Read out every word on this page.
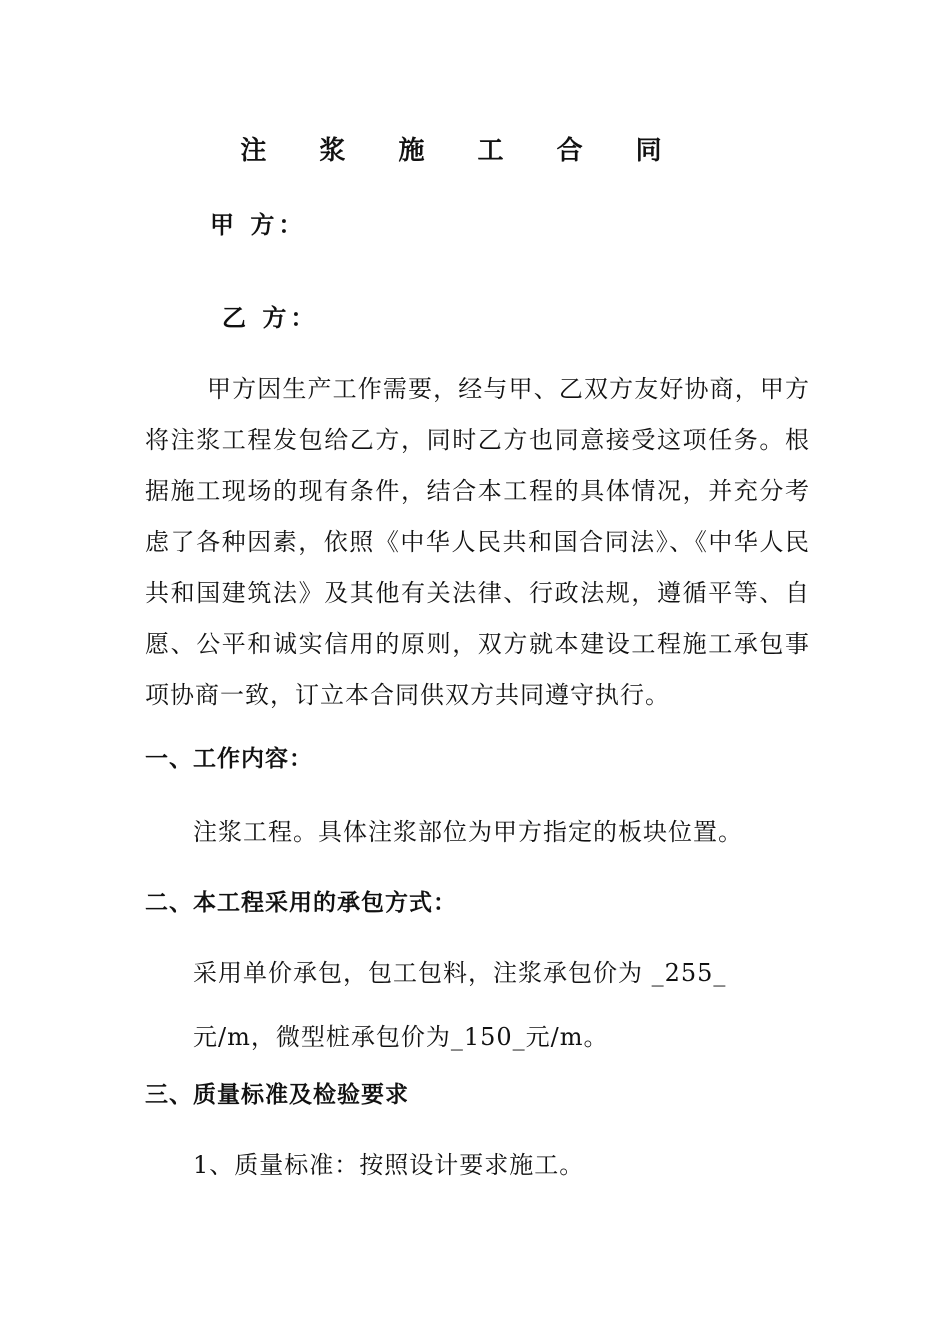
注 浆 施 工 合 同
甲 方：
乙 方：
甲方因生产工作需要，经与甲、乙双方友好协商，甲方将注浆工程发包给乙方，同时乙方也同意接受这项任务。根据施工现场的现有条件，结合本工程的具体情况，并充分考虑了各种因素，依照《中华人民共和国合同法》、《中华人民共和国建筑法》及其他有关法律、行政法规，遵循平等、自愿、公平和诚实信用的原则，双方就本建设工程施工承包事项协商一致，订立本合同供双方共同遵守执行。
一、工作内容：
注浆工程。具体注浆部位为甲方指定的板块位置。
二、本工程采用的承包方式：
采用单价承包，包工包料，注浆承包价为 _255_元/m，微型桩承包价为_150_元/m。
三、质量标准及检验要求
1、质量标准：按照设计要求施工。
